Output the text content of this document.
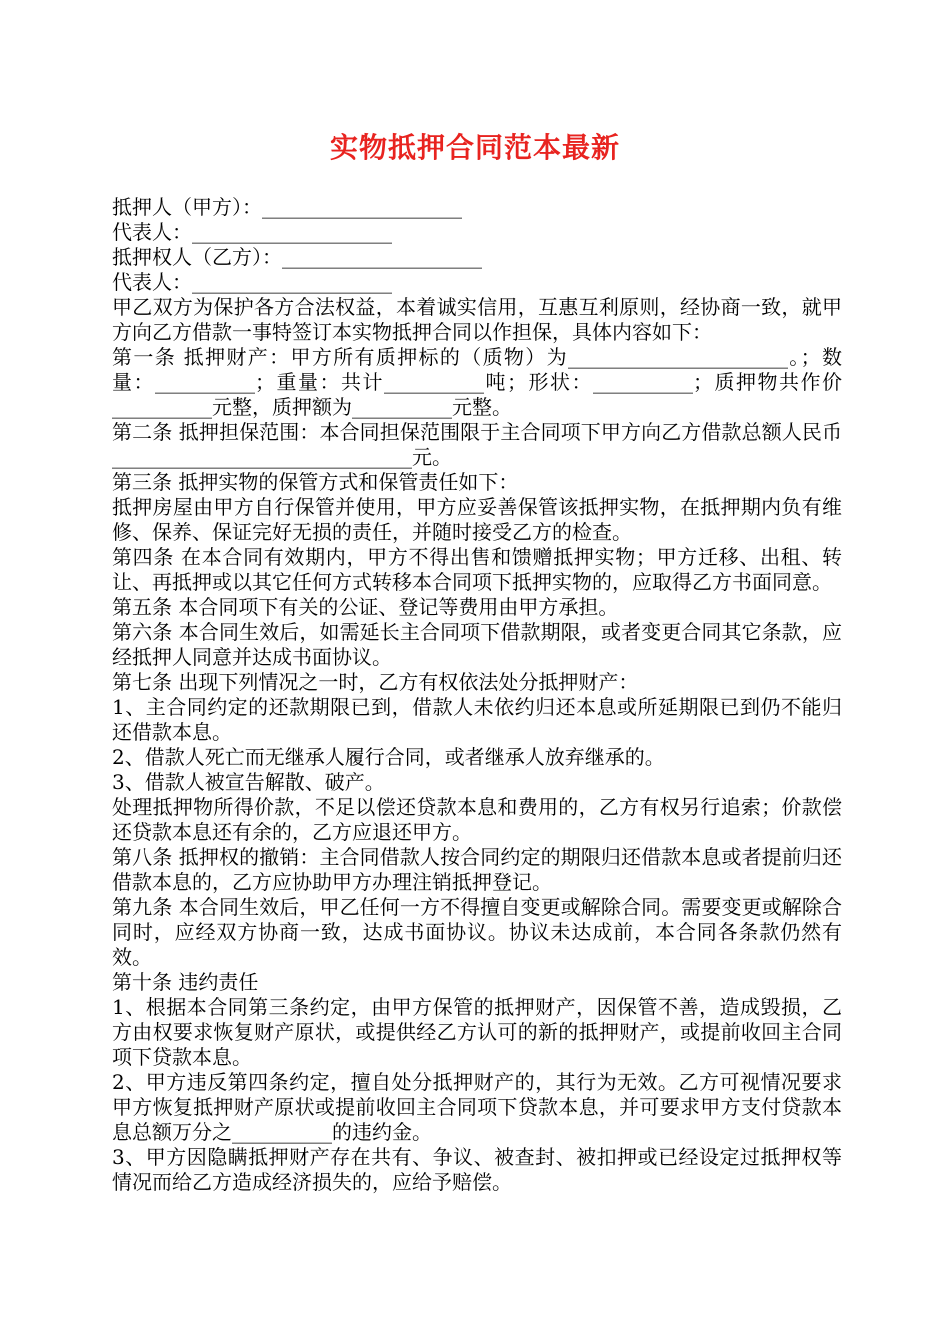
实物抵押合同范本最新

抵押人（甲方）：____________________

代表人：____________________

抵押权人（乙方）：____________________

代表人：____________________

甲乙双方为保护各方合法权益，本着诚实信用，互惠互利原则，经协商一致，就甲方向乙方借款一事特签订本实物抵押合同以作担保，具体内容如下：

第一条 抵押财产：甲方所有质押标的（质物）为______________________。；数量：__________；重量：共计__________吨；形状：__________；质押物共作价__________元整，质押额为__________元整。

第二条 抵押担保范围：本合同担保范围限于主合同项下甲方向乙方借款总额人民币______________________________元。

第三条 抵押实物的保管方式和保管责任如下：

抵押房屋由甲方自行保管并使用，甲方应妥善保管该抵押实物，在抵押期内负有维修、保养、保证完好无损的责任，并随时接受乙方的检查。

第四条 在本合同有效期内，甲方不得出售和馈赠抵押实物；甲方迁移、出租、转让、再抵押或以其它任何方式转移本合同项下抵押实物的，应取得乙方书面同意。

第五条 本合同项下有关的公证、登记等费用由甲方承担。

第六条 本合同生效后，如需延长主合同项下借款期限，或者变更合同其它条款，应经抵押人同意并达成书面协议。

第七条 出现下列情况之一时，乙方有权依法处分抵押财产：

1、主合同约定的还款期限已到，借款人未依约归还本息或所延期限已到仍不能归还借款本息。

2、借款人死亡而无继承人履行合同，或者继承人放弃继承的。

3、借款人被宣告解散、破产。

处理抵押物所得价款，不足以偿还贷款本息和费用的，乙方有权另行追索；价款偿还贷款本息还有余的，乙方应退还甲方。

第八条 抵押权的撤销：主合同借款人按合同约定的期限归还借款本息或者提前归还借款本息的，乙方应协助甲方办理注销抵押登记。

第九条 本合同生效后，甲乙任何一方不得擅自变更或解除合同。需要变更或解除合同时，应经双方协商一致，达成书面协议。协议未达成前，本合同各条款仍然有效。

第十条 违约责任

1、根据本合同第三条约定，由甲方保管的抵押财产，因保管不善，造成毁损，乙方由权要求恢复财产原状，或提供经乙方认可的新的抵押财产，或提前收回主合同项下贷款本息。

2、甲方违反第四条约定，擅自处分抵押财产的，其行为无效。乙方可视情况要求甲方恢复抵押财产原状或提前收回主合同项下贷款本息，并可要求甲方支付贷款本息总额万分之__________的违约金。

3、甲方因隐瞒抵押财产存在共有、争议、被查封、被扣押或已经设定过抵押权等情况而给乙方造成经济损失的，应给予赔偿。
